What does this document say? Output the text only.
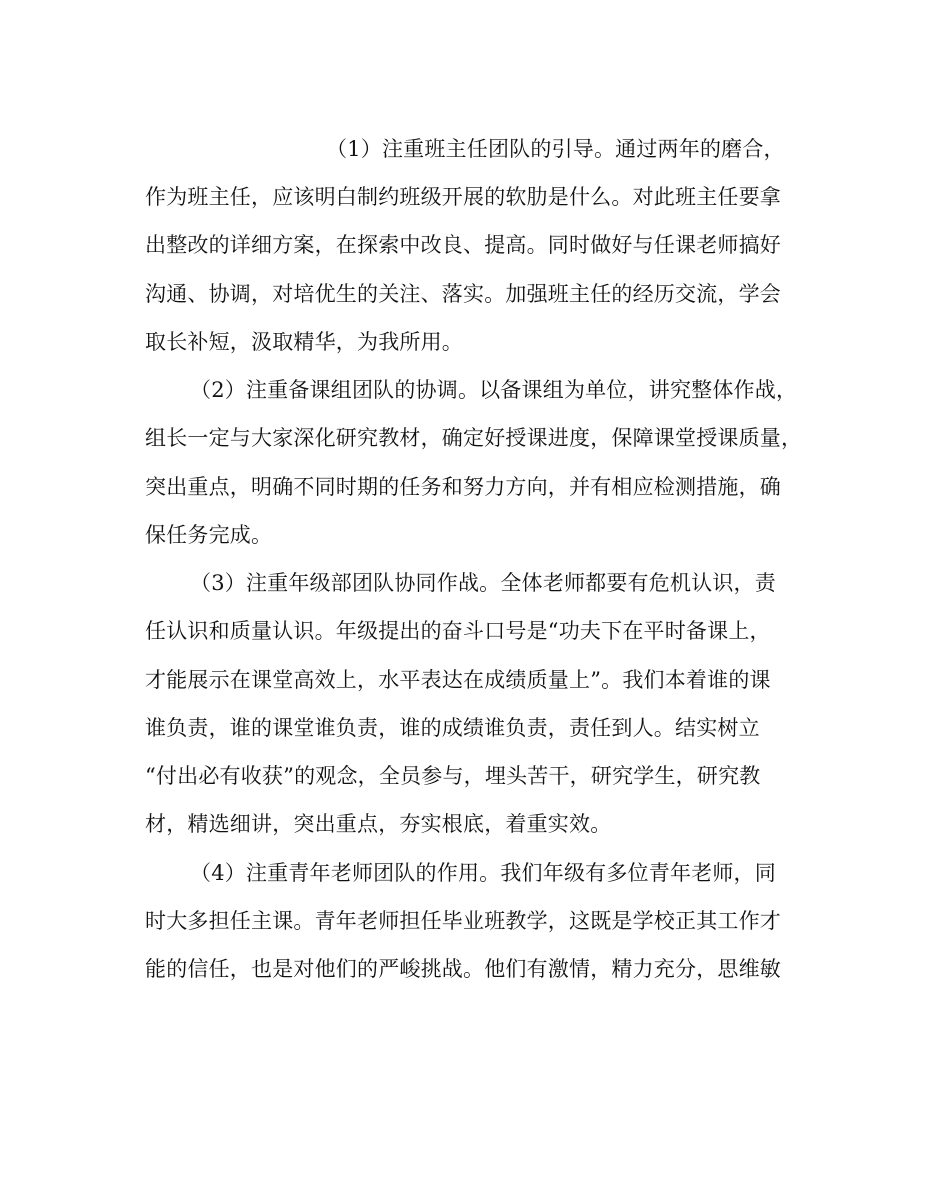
（1）注重班主任团队的引导。通过两年的磨合，
作为班主任，应该明白制约班级开展的软肋是什么。对此班主任要拿
出整改的详细方案，在探索中改良、提高。同时做好与任课老师搞好
沟通、协调，对培优生的关注、落实。加强班主任的经历交流，学会
取长补短，汲取精华，为我所用。
（2）注重备课组团队的协调。以备课组为单位，讲究整体作战，
组长一定与大家深化研究教材，确定好授课进度，保障课堂授课质量，
突出重点，明确不同时期的任务和努力方向，并有相应检测措施，确
保任务完成。
（3）注重年级部团队协同作战。全体老师都要有危机认识，责
任认识和质量认识。年级提出的奋斗口号是“功夫下在平时备课上，
才能展示在课堂高效上，水平表达在成绩质量上”。我们本着谁的课
谁负责，谁的课堂谁负责，谁的成绩谁负责，责任到人。结实树立
“付出必有收获”的观念，全员参与，埋头苦干，研究学生，研究教
材，精选细讲，突出重点，夯实根底，着重实效。
（4）注重青年老师团队的作用。我们年级有多位青年老师，同
时大多担任主课。青年老师担任毕业班教学，这既是学校正其工作才
能的信任，也是对他们的严峻挑战。他们有激情，精力充分，思维敏
